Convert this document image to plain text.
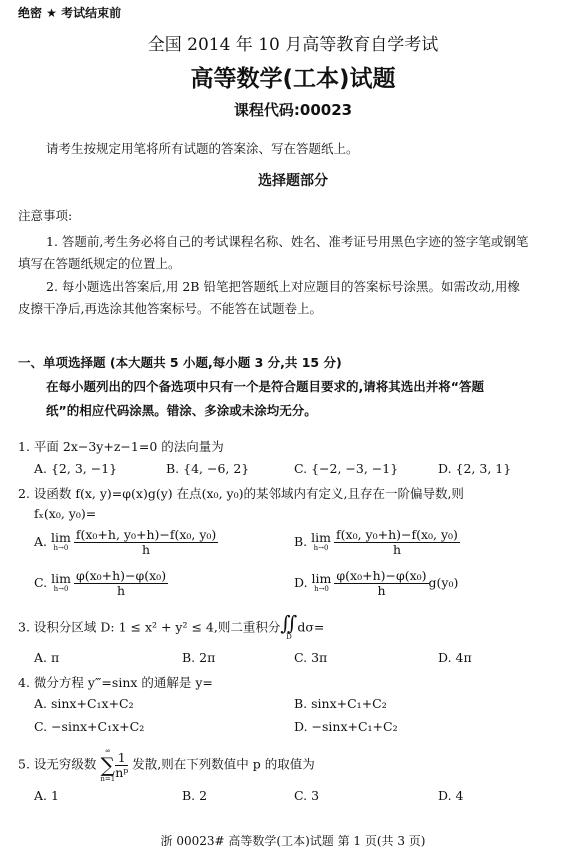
绝密 ★ 考试结束前
全国 2014 年 10 月高等教育自学考试
高等数学(工本)试题
课程代码:00023
请考生按规定用笔将所有试题的答案涂、写在答题纸上。
选择题部分
注意事项:
1. 答题前,考生务必将自己的考试课程名称、姓名、准考证号用黑色字迹的签字笔或钢笔
填写在答题纸规定的位置上。
2. 每小题选出答案后,用 2B 铅笔把答题纸上对应题目的答案标号涂黑。如需改动,用橡
皮擦干净后,再选涂其他答案标号。不能答在试题卷上。
一、单项选择题 (本大题共 5 小题,每小题 3 分,共 15 分)
在每小题列出的四个备选项中只有一个是符合题目要求的,请将其选出并将“答题
纸”的相应代码涂黑。错涂、多涂或未涂均无分。
1. 平面 2x−3y+z−1=0 的法向量为
A. {2, 3, −1}	B. {4, −6, 2}	C. {−2, −3, −1}	D. {2, 3, 1}
2. 设函数 f(x, y)=φ(x)g(y) 在点(x₀, y₀)的某邻域内有定义,且存在一阶偏导数,则
fₓ(x₀, y₀)=
A. lim
$h\to 0 \frac{\text{f(x₀+h, y₀+h)−f(x₀, y₀)}}{h}$	B. lim
$h\to 0 \frac{\text{f(x₀, y₀+h)−f(x₀, y₀)}}{h}$
C. lim
$h\to 0 \frac{\text{φ(x₀+h)−φ(x₀)}}{h}$	D. lim
$h\to 0 \frac{\text{φ(x₀+h)−φ(x₀)}}{h} g(y_0)$
3. 设积分区域 D: 1 ≤ x² + y² ≤ 4,则二重积分 ∬
D
dσ=
A. π	B. 2π	C. 3π	D. 4π
4. 微分方程 y‴=sinx 的通解是 y=
A. sinx+C₁x+C₂	B. sinx+C₁+C₂
C. −sinx+C₁x+C₂	D. −sinx+C₁+C₂
5. 设无穷级数
∞
∑
$n=1 \frac{1}{\text{nᵖ}}$ 发散,则在下列数值中 p 的取值为
A. 1	B. 2	C. 3	D. 4
浙 00023# 高等数学(工本)试题 第 1 页(共 3 页)
